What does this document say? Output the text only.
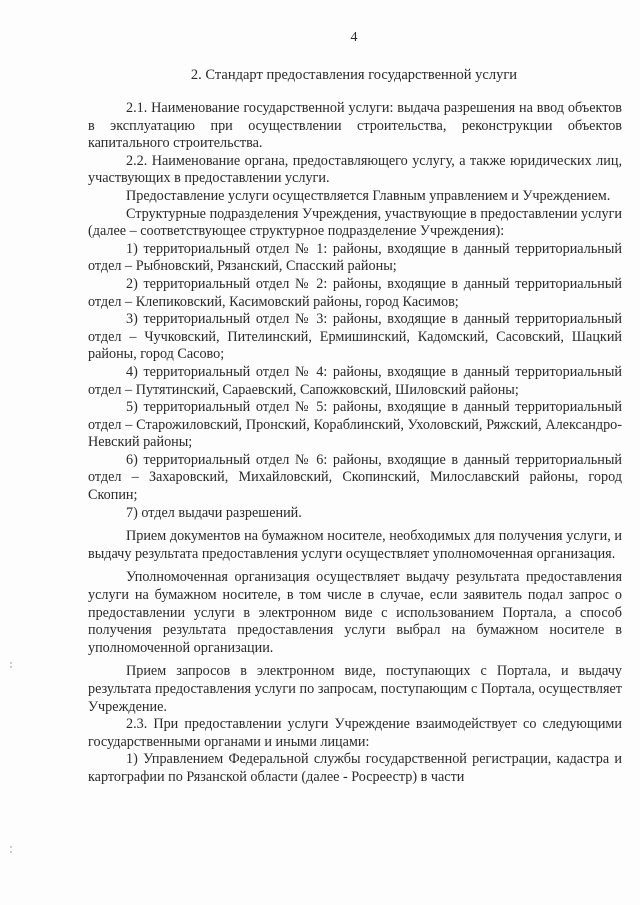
4
2. Стандарт предоставления государственной услуги

2.1. Наименование государственной услуги: выдача разрешения на ввод объектов в эксплуатацию при осуществлении строительства, реконструкции объектов капитального строительства.

2.2. Наименование органа, предоставляющего услугу, а также юридических лиц, участвующих в предоставлении услуги.

Предоставление услуги осуществляется Главным управлением и Учреждением.

Структурные подразделения Учреждения, участвующие в предоставлении услуги (далее – соответствующее структурное подразделение Учреждения):

1) территориальный отдел № 1: районы, входящие в данный территориальный отдел – Рыбновский, Рязанский, Спасский районы;

2) территориальный отдел № 2: районы, входящие в данный территориальный отдел – Клепиковский, Касимовский районы, город Касимов;

3) территориальный отдел № 3: районы, входящие в данный территориальный отдел – Чучковский, Пителинский, Ермишинский, Кадомский, Сасовский, Шацкий районы, город Сасово;

4) территориальный отдел № 4: районы, входящие в данный территориальный отдел – Путятинский, Сараевский, Сапожковский, Шиловский районы;

5) территориальный отдел № 5: районы, входящие в данный территориальный отдел – Старожиловский, Пронский, Кораблинский, Ухоловский, Ряжский, Александро-Невский районы;

6) территориальный отдел № 6: районы, входящие в данный территориальный отдел – Захаровский, Михайловский, Скопинский, Милославский районы, город Скопин;

7) отдел выдачи разрешений.

Прием документов на бумажном носителе, необходимых для получения услуги, и выдачу результата предоставления услуги осуществляет уполномоченная организация.

Уполномоченная организация осуществляет выдачу результата предоставления услуги на бумажном носителе, в том числе в случае, если заявитель подал запрос о предоставлении услуги в электронном виде с использованием Портала, а способ получения результата предоставления услуги выбрал на бумажном носителе в уполномоченной организации.

Прием запросов в электронном виде, поступающих с Портала, и выдачу результата предоставления услуги по запросам, поступающим с Портала, осуществляет Учреждение.

2.3. При предоставлении услуги Учреждение взаимодействует со следующими государственными органами и иными лицами:

1) Управлением Федеральной службы государственной регистрации, кадастра и картографии по Рязанской области (далее - Росреестр) в части
